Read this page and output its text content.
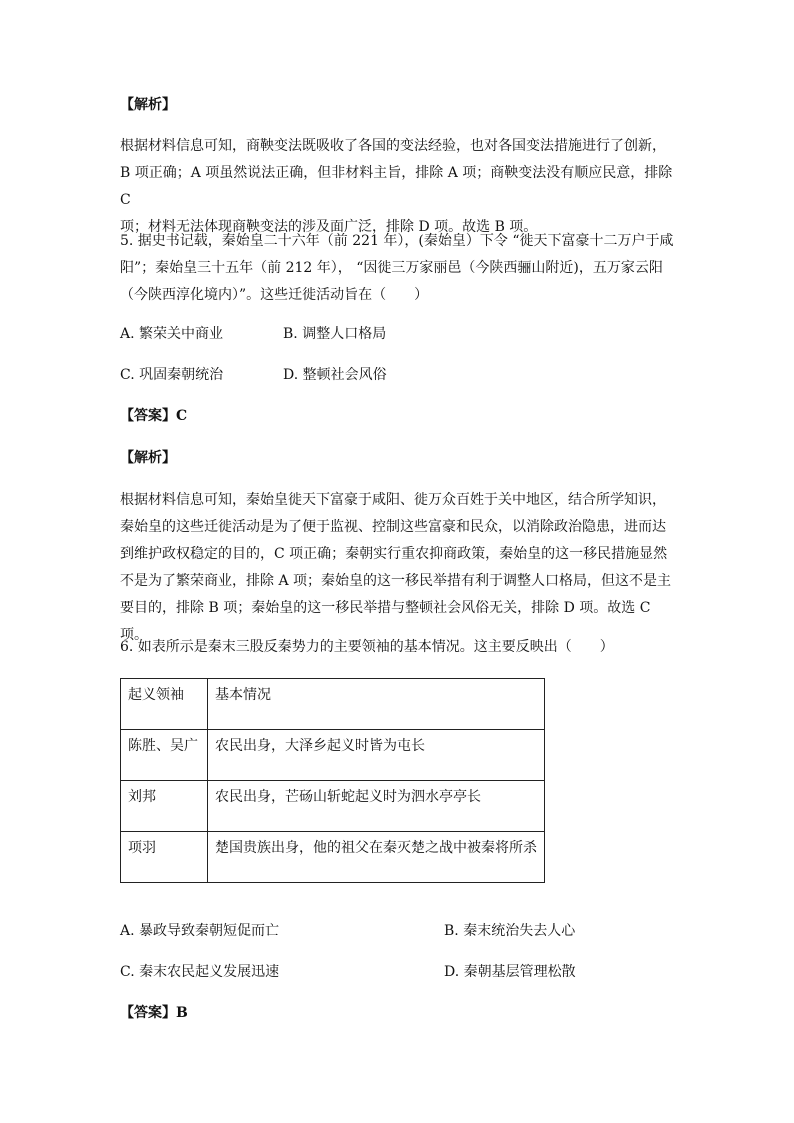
【解析】
根据材料信息可知，商鞅变法既吸收了各国的变法经验，也对各国变法措施进行了创新，
B 项正确；A 项虽然说法正确，但非材料主旨，排除 A 项；商鞅变法没有顺应民意，排除 C
项；材料无法体现商鞅变法的涉及面广泛，排除 D 项。故选 B 项。
5. 据史书记载，秦始皇二十六年（前 221 年），(秦始皇）下令 “徙天下富豪十二万户于咸
阳”；秦始皇三十五年（前 212 年）， “因徙三万家丽邑（今陕西骊山附近)，五万家云阳
（今陕西淳化境内）”。这些迁徙活动旨在（　　）
A. 繁荣关中商业	B. 调整人口格局
C. 巩固秦朝统治	D. 整顿社会风俗
【答案】C
【解析】
根据材料信息可知，秦始皇徙天下富豪于咸阳、徙万众百姓于关中地区，结合所学知识，
秦始皇的这些迁徙活动是为了便于监视、控制这些富豪和民众，以消除政治隐患，进而达
到维护政权稳定的目的，C 项正确；秦朝实行重农抑商政策，秦始皇的这一移民措施显然
不是为了繁荣商业，排除 A 项；秦始皇的这一移民举措有利于调整人口格局，但这不是主
要目的，排除 B 项；秦始皇的这一移民举措与整顿社会风俗无关，排除 D 项。故选 C 项。
6. 如表所示是秦末三股反秦势力的主要领袖的基本情况。这主要反映出（　　）
起义领袖	基本情况
陈胜、吴广	农民出身，大泽乡起义时皆为屯长
刘邦	农民出身，芒砀山斩蛇起义时为泗水亭亭长
项羽	楚国贵族出身，他的祖父在秦灭楚之战中被秦将所杀
A. 暴政导致秦朝短促而亡	B. 秦末统治失去人心
C. 秦末农民起义发展迅速	D. 秦朝基层管理松散
【答案】B
